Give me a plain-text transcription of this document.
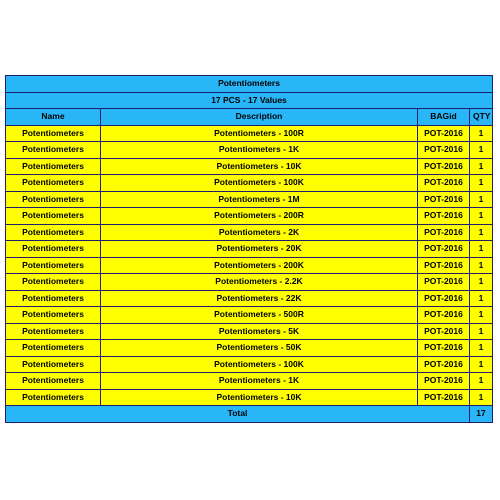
Potentiometers			
17 PCS - 17 Values			
Name	Description	BAGid	QTY
Potentiometers	Potentiometers - 100R	POT-2016	1
Potentiometers	Potentiometers - 1K	POT-2016	1
Potentiometers	Potentiometers - 10K	POT-2016	1
Potentiometers	Potentiometers - 100K	POT-2016	1
Potentiometers	Potentiometers - 1M	POT-2016	1
Potentiometers	Potentiometers - 200R	POT-2016	1
Potentiometers	Potentiometers - 2K	POT-2016	1
Potentiometers	Potentiometers - 20K	POT-2016	1
Potentiometers	Potentiometers - 200K	POT-2016	1
Potentiometers	Potentiometers - 2.2K	POT-2016	1
Potentiometers	Potentiometers - 22K	POT-2016	1
Potentiometers	Potentiometers - 500R	POT-2016	1
Potentiometers	Potentiometers - 5K	POT-2016	1
Potentiometers	Potentiometers - 50K	POT-2016	1
Potentiometers	Potentiometers - 100K	POT-2016	1
Potentiometers	Potentiometers - 1K	POT-2016	1
Potentiometers	Potentiometers - 10K	POT-2016	1
Total			17
